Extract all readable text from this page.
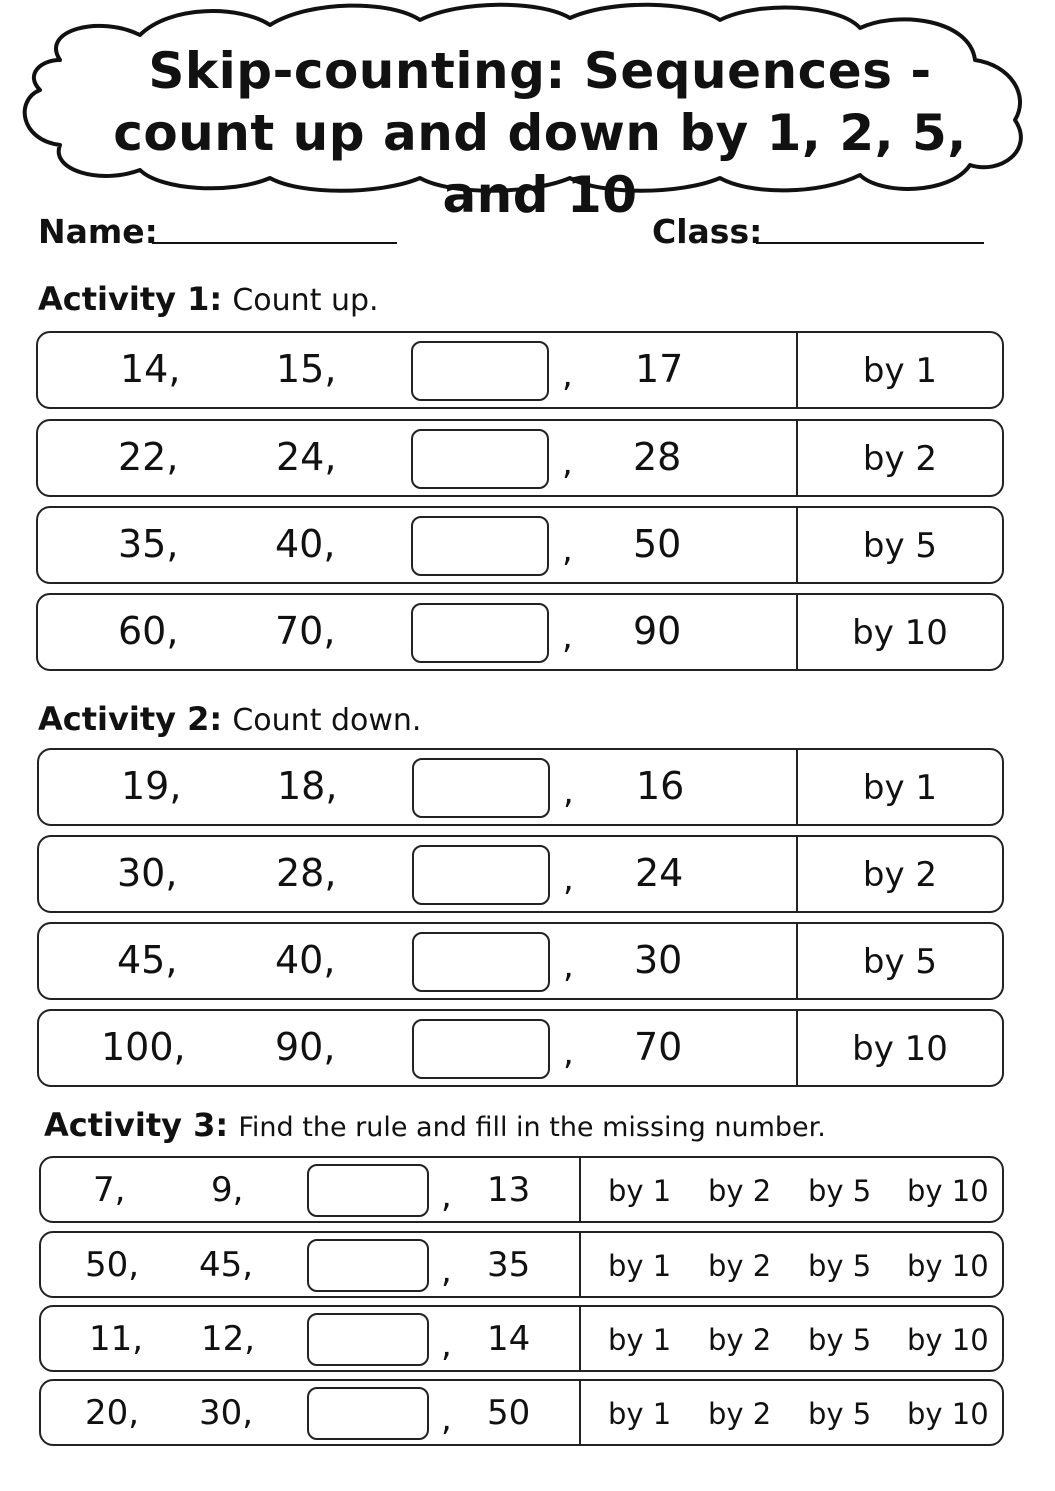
Skip-counting: Sequences -
count up and down by 1, 2, 5, and 10
Name:	Class:
Activity 1: Count up.
14,	15,	, 17	by 1
22,	24,	, 28	by 2
35,	40,	, 50	by 5
60,	70,	, 90	by 10
Activity 2: Count down.
19,	18,	, 16	by 1
30,	28,	, 24	by 2
45,	40,	, 30	by 5
100, 90,	, 70	by 10
Activity 3: Find the rule and fill in the missing number.
7,	9,	, 13	by 1 by 2 by 5 by 10
50, 45,	, 35	by 1 by 2 by 5 by 10
11, 12,	, 14	by 1 by 2 by 5 by 10
20, 30,	, 50	by 1 by 2 by 5 by 10
